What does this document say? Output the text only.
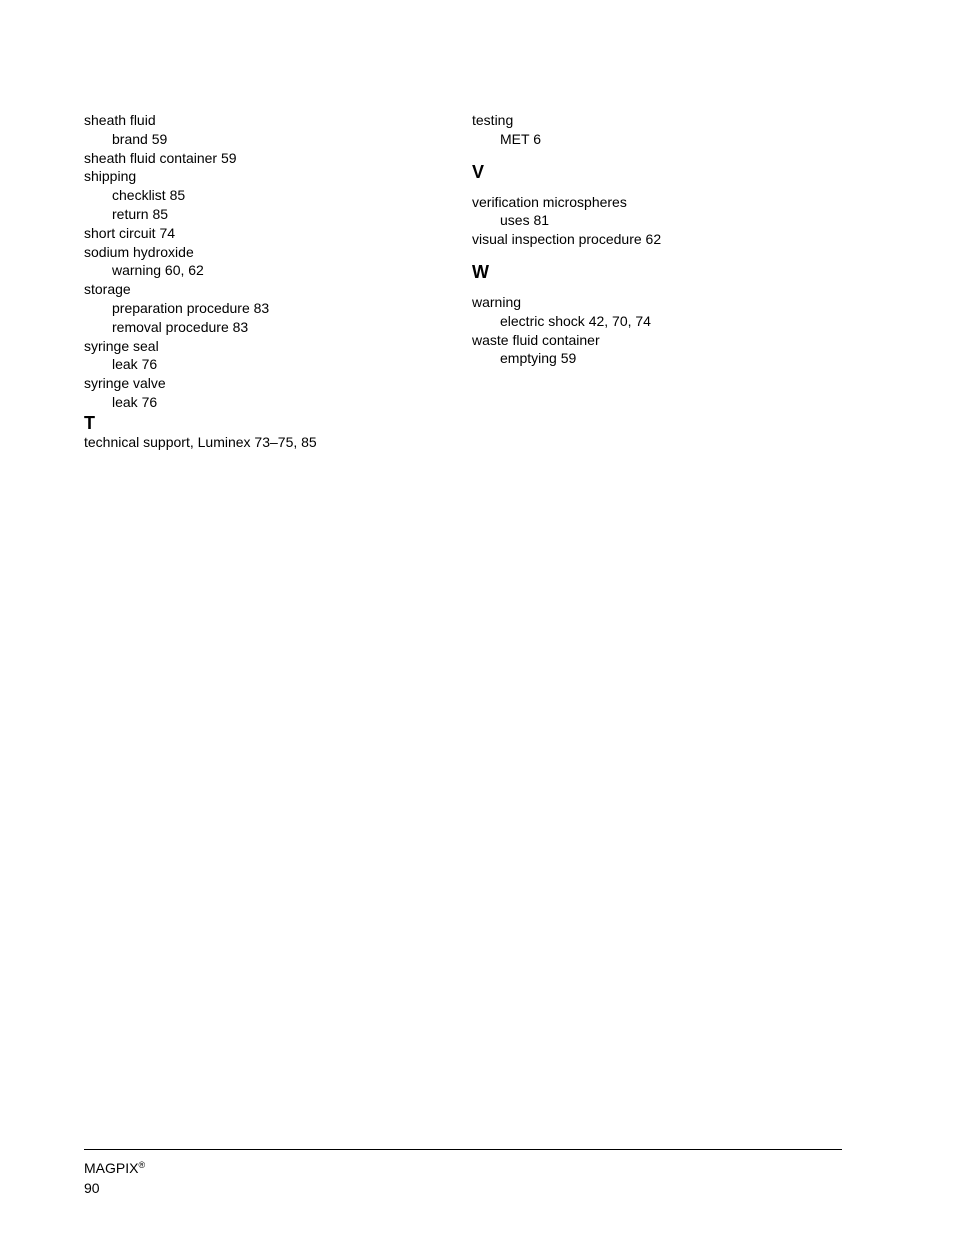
sheath fluid
brand 59
sheath fluid container 59
shipping
checklist 85
return 85
short circuit 74
sodium hydroxide
warning 60, 62
storage
preparation procedure 83
removal procedure 83
syringe seal
leak 76
syringe valve
leak 76
T
technical support, Luminex 73–75, 85
testing
MET 6
V
verification microspheres
uses 81
visual inspection procedure 62
W
warning
electric shock 42, 70, 74
waste fluid container
emptying 59
MAGPIX®
90
